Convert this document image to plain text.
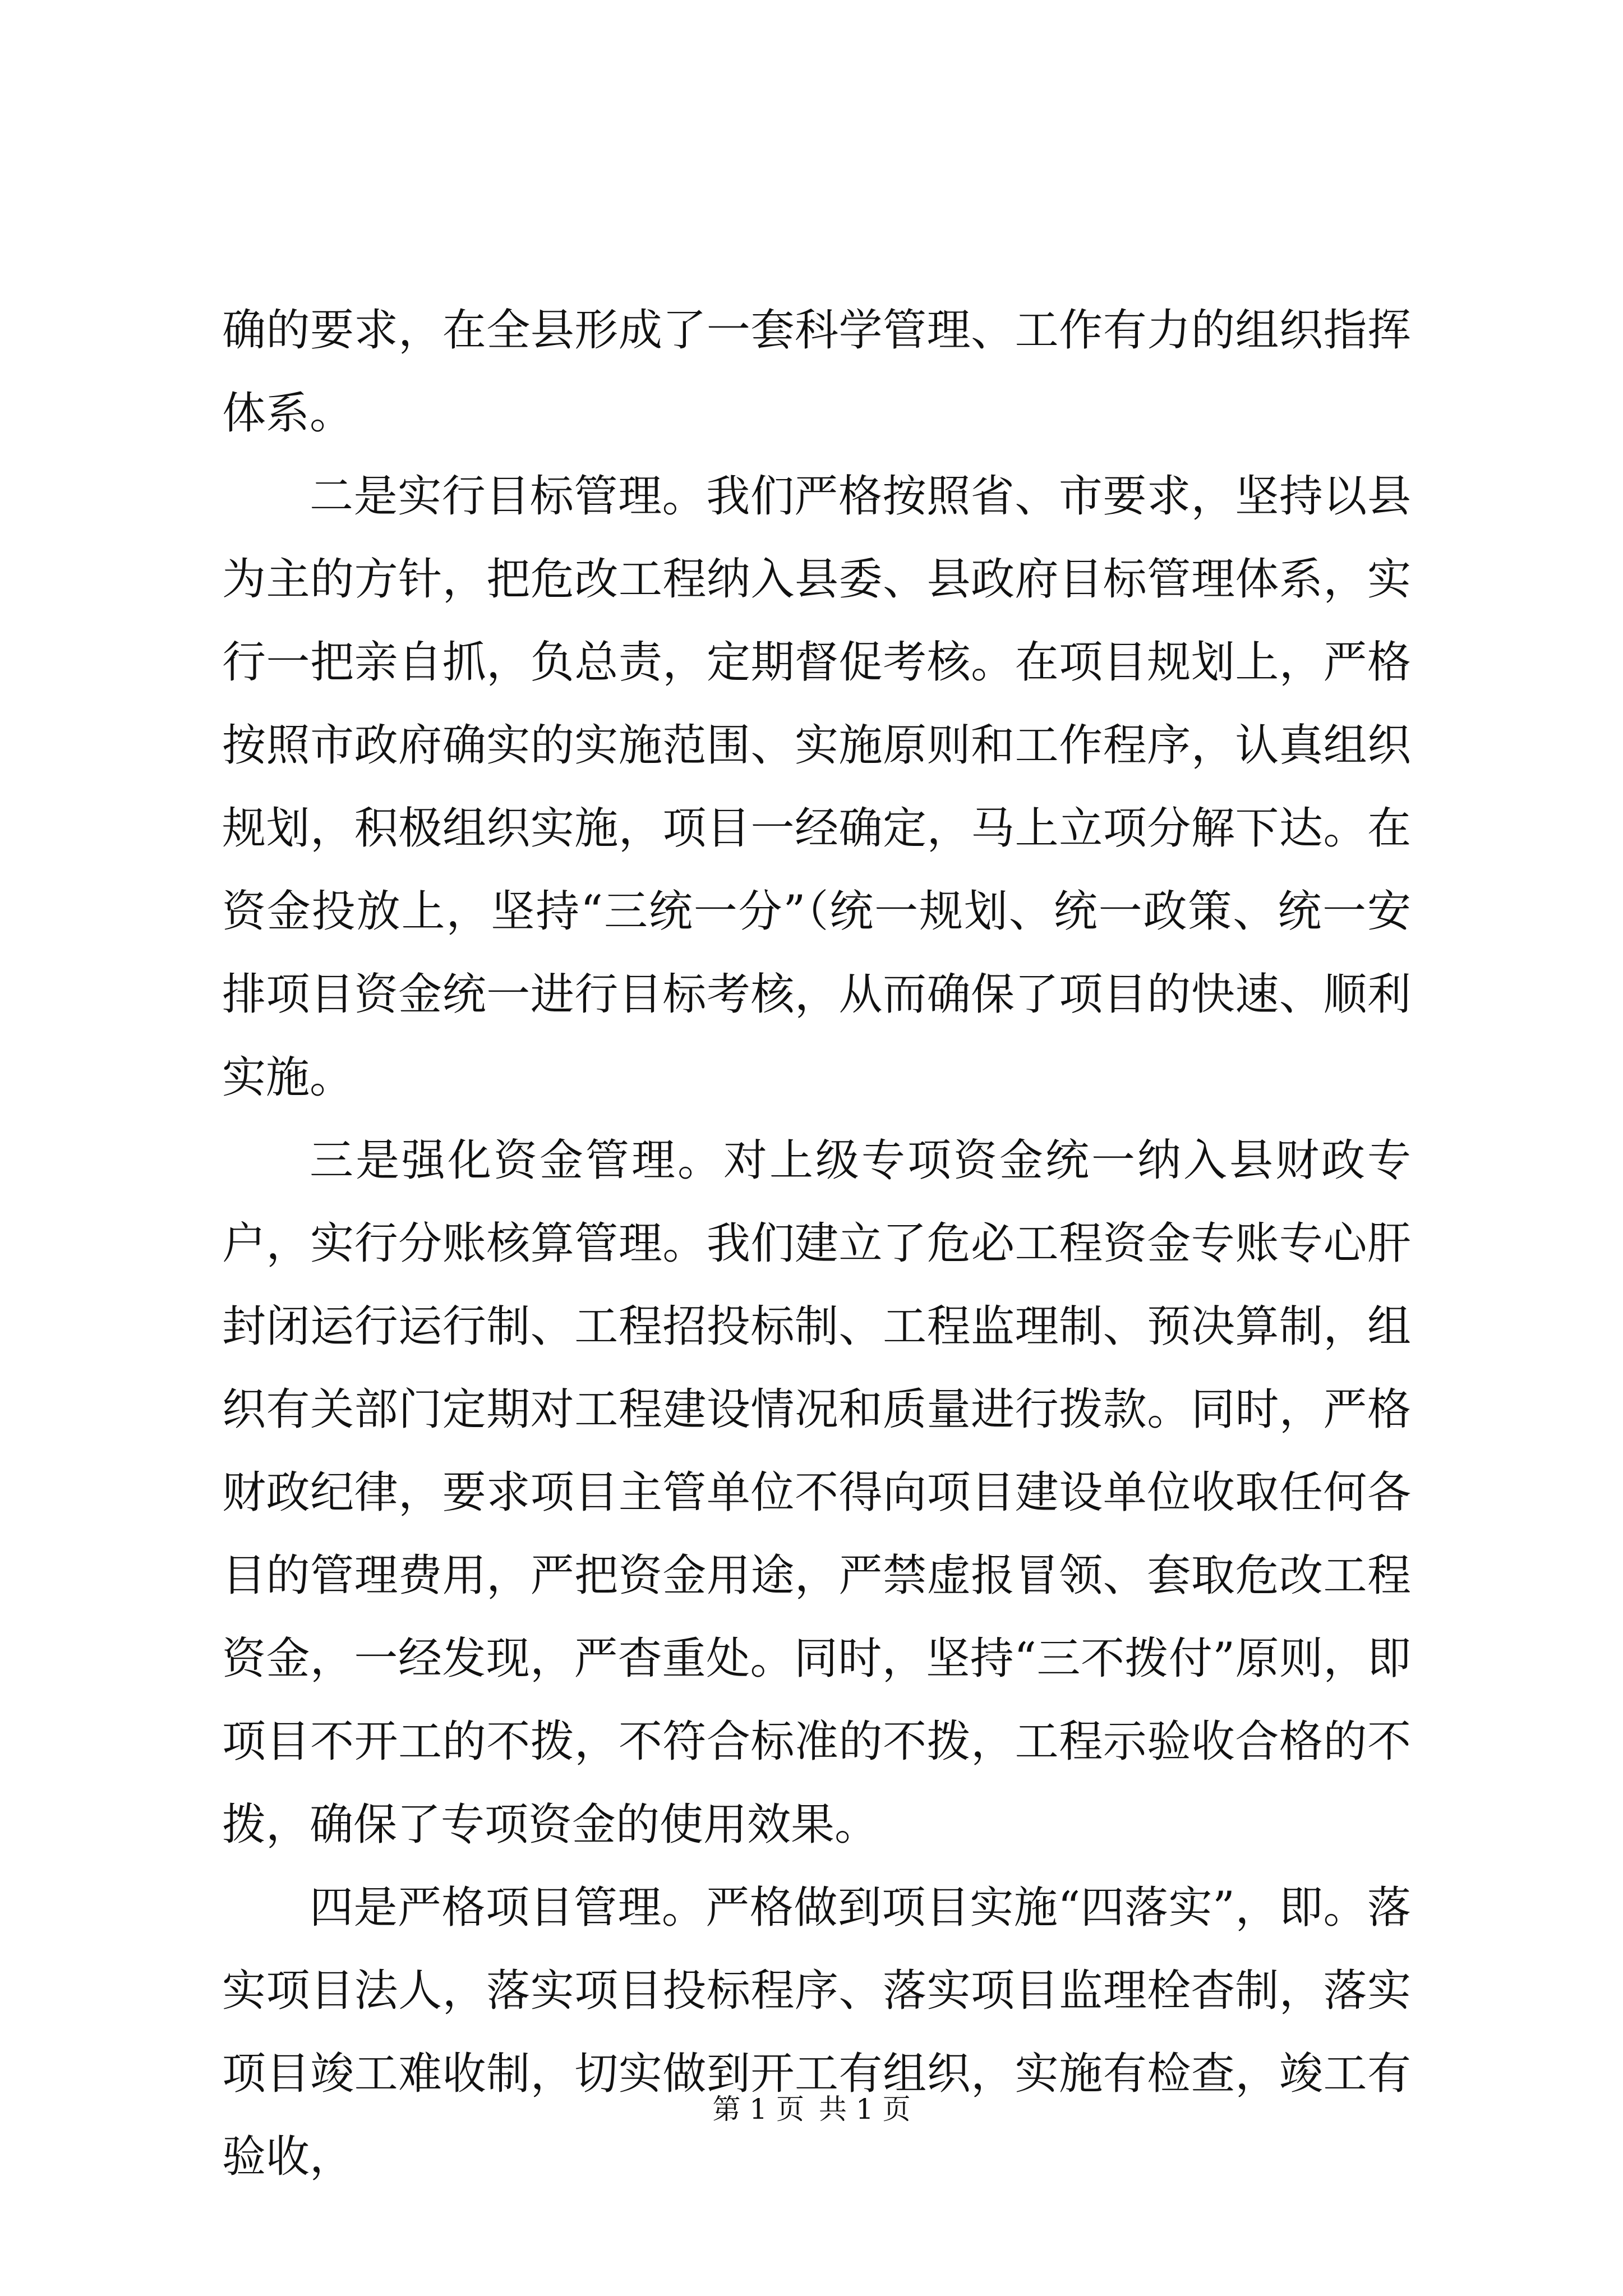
确的要求，在全县形成了一套科学管理、工作有力的组织指挥体系。

二是实行目标管理。我们严格按照省、市要求，坚持以县为主的方针，把危改工程纳入县委、县政府目标管理体系，实行一把亲自抓，负总责，定期督促考核。在项目规划上，严格按照市政府确实的实施范围、实施原则和工作程序，认真组织规划，积极组织实施，项目一经确定，马上立项分解下达。在资金投放上，坚持“三统一分”（统一规划、统一政策、统一安排项目资金统一进行目标考核，从而确保了项目的快速、顺利实施。

三是强化资金管理。对上级专项资金统一纳入县财政专户，实行分账核算管理。我们建立了危必工程资金专账专心肝封闭运行运行制、工程招投标制、工程监理制、预决算制，组织有关部门定期对工程建设情况和质量进行拨款。同时，严格财政纪律，要求项目主管单位不得向项目建设单位收取任何各目的管理费用，严把资金用途，严禁虚报冒领、套取危改工程资金，一经发现，严杳重处。同时，坚持“三不拨付”原则，即项目不开工的不拨，不符合标准的不拨，工程示验收合格的不拨，确保了专项资金的使用效果。

四是严格项目管理。严格做到项目实施“四落实”，即。落实项目法人，落实项目投标程序、落实项目监理栓杳制，落实项目竣工难收制，切实做到开工有组织，实施有检查，竣工有验收，

第 1 页 共 1 页
